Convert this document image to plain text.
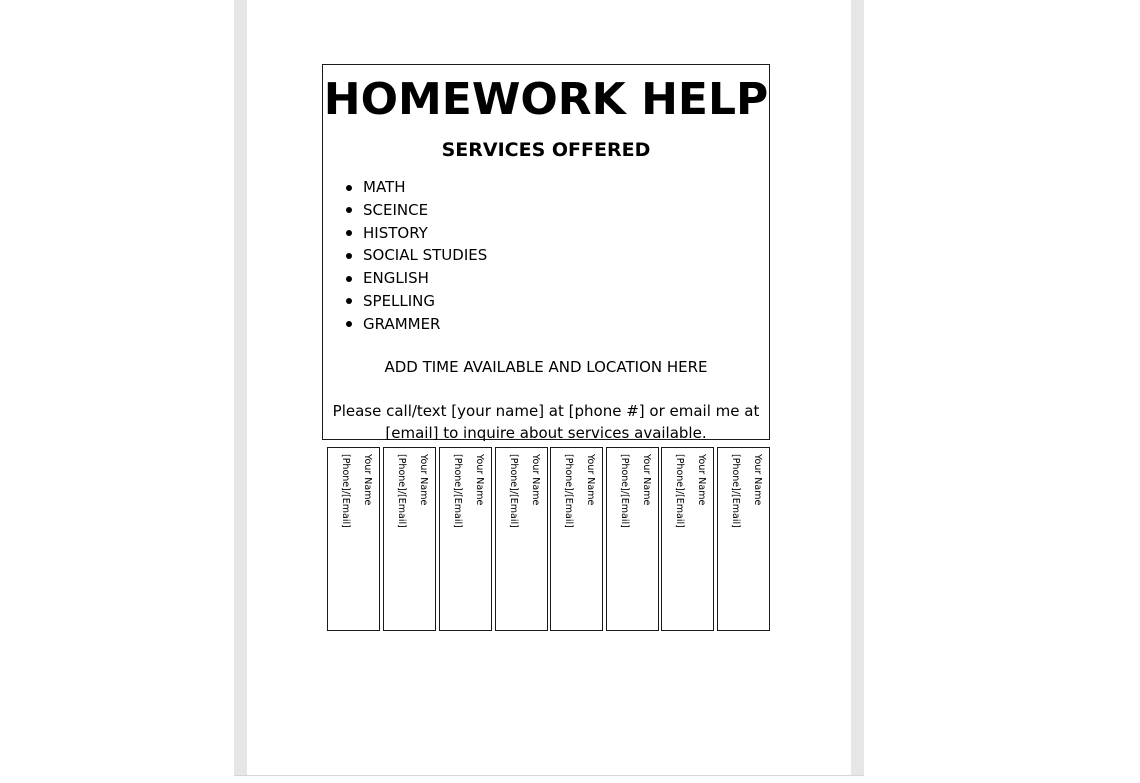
HOMEWORK HELP
SERVICES OFFERED
MATH
SCEINCE
HISTORY
SOCIAL STUDIES
ENGLISH
SPELLING
GRAMMER
ADD TIME AVAILABLE AND LOCATION HERE
Please call/text [your name] at [phone #] or email me at [email] to inquire about services available.
Your Name
[Phone]/[Email]	Your Name
[Phone]/[Email]	Your Name
[Phone]/[Email]	Your Name
[Phone]/[Email]	Your Name
[Phone]/[Email]	Your Name
[Phone]/[Email]	Your Name
[Phone]/[Email]	Your Name
[Phone]/[Email]
